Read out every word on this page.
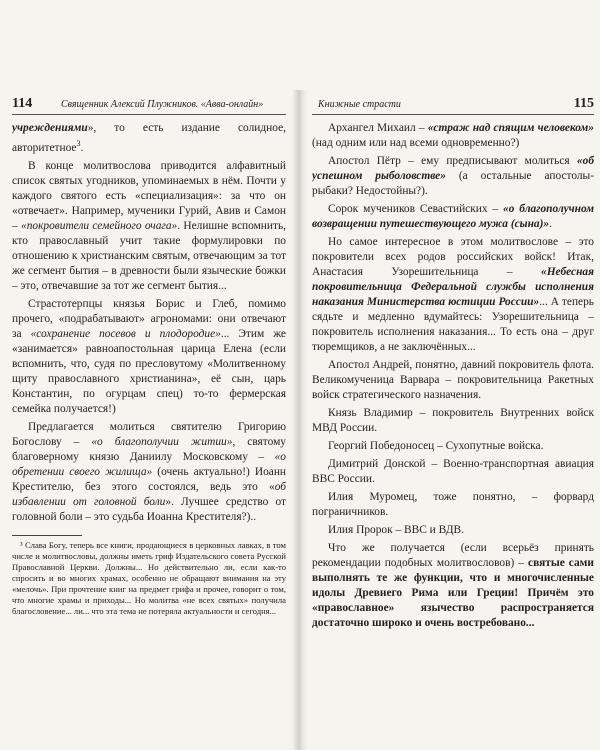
114	Священник Алексий Плужников. «Авва-онлайн»

учреждениями», то есть издание солидное, авторитетное$^3$.

В конце молитвослова приводится алфавитный список святых угодников, упоминаемых в нём. Почти у каждого святого есть «специализация»: за что он «отвечает». Например, мученики Гурий, Авив и Самон – «покровители семейного очага». Нелишне вспомнить, кто православный учит такие формулировки по отношению к христианским святым, отвечающим за тот же сегмент бытия – в древности были языческие божки – это, отвечавшие за тот же сегмент бытия...

Страстотерпцы князья Борис и Глеб, помимо прочего, «подрабатывают» агрономами: они отвечают за «сохранение посевов и плодородие»... Этим же «занимается» равноапостольная царица Елена (если вспомнить, что, судя по пресловутому «Молитвенному щиту православного христианина», её сын, царь Константин, по огурцам спец) то-то фермерская семейка получается!)

Предлагается молиться святителю Григорию Богослову – «о благополучии житии», святому благоверному князю Даниилу Московскому – «о обретении своего жилища» (очень актуально!) Иоанн Крестителю, без этого состоялся, ведь это «об избавлении от головной боли». Лучшее средство от головной боли – это судьба Иоанна Крестителя?)..

³ Слава Богу, теперь все книги, продающиеся в церковных лавках, в том числе и молитвословы, должны иметь гриф Издательского совета Русской Православной Церкви. Должны... Но действительно ли, если как-то спросить и во многих храмах, особенно не обращают внимания на эту «мелочь». При прочтение книг на предмет грифа и прочее, говорит о том, что многие храмы и приходы... Но молитва «не всех святых» получила благословение... ли... что эта тема не потеряла актуальности и сегодня...

115
Книжные страсти

Архангел Михаил – «страж над спящим человеком» (над одним или над всеми одновременно?)

Апостол Пётр – ему предписывают молиться «об успешном рыболовстве» (а остальные апостолы-рыбаки? Недостойны?).

Сорок мучеников Севастийских – «о благополучном возвращении путешествующего мужа (сына)».

Но самое интересное в этом молитвослове – это покровители всех родов российских войск! Итак, Анастасия Узорешительница – «Небесная покровительница Федеральной службы исполнения наказания Министерства юстиции России»... А теперь сядьте и медленно вдумайтесь: Узорешительница – покровитель исполнения наказания... То есть она – друг тюремщиков, а не заключённых...

Апостол Андрей, понятно, давний покровитель флота. Великомученица Варвара – покровительница Ракетных войск стратегического назначения.

Князь Владимир – покровитель Внутренних войск МВД России.

Георгий Победоносец – Сухопутные войска.

Димитрий Донской – Военно-транспортная авиация ВВС России.

Илия Муромец, тоже понятно, – форвард пограничников.

Илия Пророк – ВВС и ВДВ.

Что же получается (если всерьёз принять рекомендации подобных молитвословов) – святые сами выполнять те же функции, что и многочисленные идолы Древнего Рима или Греции! Причём это «православное» язычество распространяется достаточно широко и очень востребовано...
